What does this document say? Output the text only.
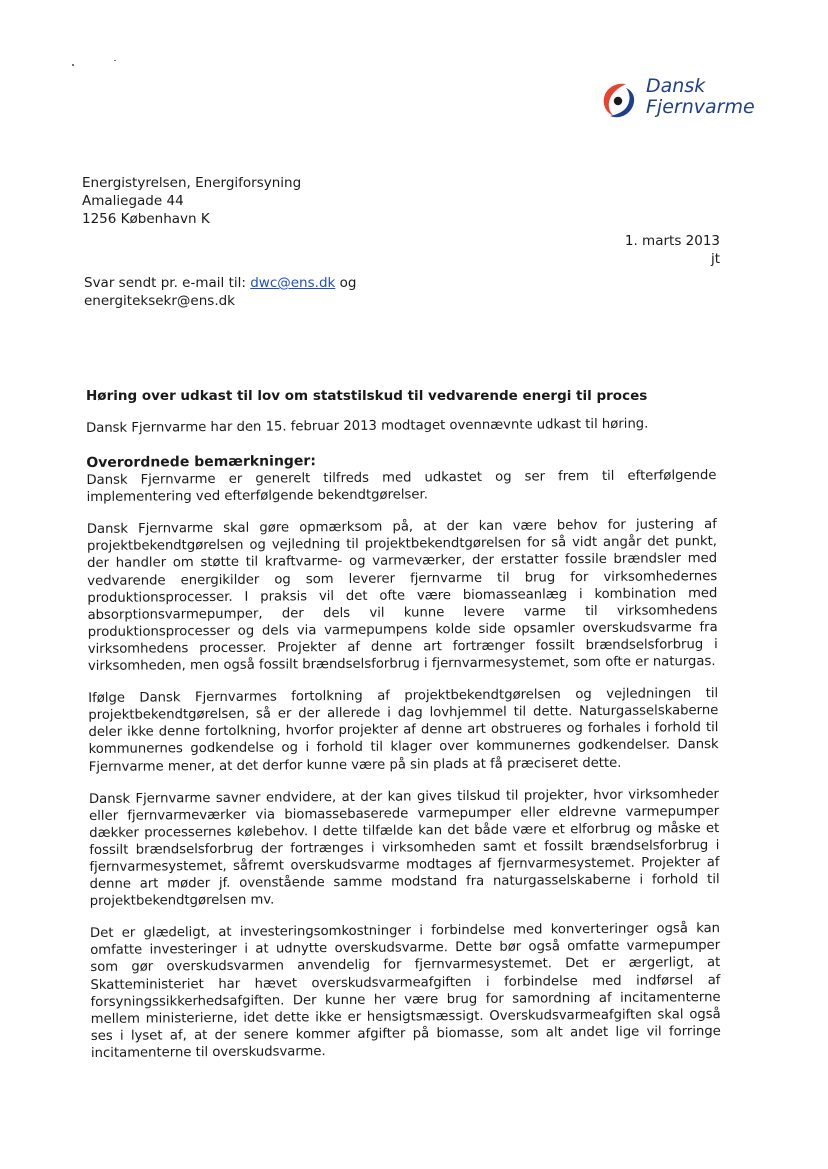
Dansk
Fjernvarme
Energistyrelsen, Energiforsyning
Amaliegade 44
1256 København K
1. marts 2013
jt
Svar sendt pr. e-mail til: dwc@ens.dk og
energiteksekr@ens.dk
Høring over udkast til lov om statstilskud til vedvarende energi til proces

Dansk Fjernvarme har den 15. februar 2013 modtaget ovennævnte udkast til høring.

Overordnede bemærkninger:

Dansk Fjernvarme er generelt tilfreds med udkastet og ser frem til efterfølgende implementering ved efterfølgende bekendtgørelser.

Dansk Fjernvarme skal gøre opmærksom på, at der kan være behov for justering af projektbekendtgørelsen og vejledning til projektbekendtgørelsen for så vidt angår det punkt, der handler om støtte til kraftvarme- og varmeværker, der erstatter fossile brændsler med vedvarende energikilder og som leverer fjernvarme til brug for virksomhedernes produktionsprocesser. I praksis vil det ofte være biomasseanlæg i kombination med absorptionsvarmepumper, der dels vil kunne levere varme til virksomhedens produktionsprocesser og dels via varmepumpens kolde side opsamler overskudsvarme fra virksomhedens processer. Projekter af denne art fortrænger fossilt brændselsforbrug i virksomheden, men også fossilt brændselsforbrug i fjernvarmesystemet, som ofte er naturgas.

Ifølge Dansk Fjernvarmes fortolkning af projektbekendtgørelsen og vejledningen til projektbekendtgørelsen, så er der allerede i dag lovhjemmel til dette. Naturgasselskaberne deler ikke denne fortolkning, hvorfor projekter af denne art obstrueres og forhales i forhold til kommunernes godkendelse og i forhold til klager over kommunernes godkendelser. Dansk Fjernvarme mener, at det derfor kunne være på sin plads at få præciseret dette.

Dansk Fjernvarme savner endvidere, at der kan gives tilskud til projekter, hvor virksomheder eller fjernvarmeværker via biomassebaserede varmepumper eller eldrevne varmepumper dækker processernes kølebehov. I dette tilfælde kan det både være et elforbrug og måske et fossilt brændselsforbrug der fortrænges i virksomheden samt et fossilt brændselsforbrug i fjernvarmesystemet, såfremt overskudsvarme modtages af fjernvarmesystemet. Projekter af denne art møder jf. ovenstående samme modstand fra naturgasselskaberne i forhold til projektbekendtgørelsen mv.

Det er glædeligt, at investeringsomkostninger i forbindelse med konverteringer også kan omfatte investeringer i at udnytte overskudsvarme. Dette bør også omfatte varmepumper som gør overskudsvarmen anvendelig for fjernvarmesystemet. Det er ærgerligt, at Skatteministeriet har hævet overskudsvarmeafgiften i forbindelse med indførsel af forsyningssikkerhedsafgiften. Der kunne her være brug for samordning af incitamenterne mellem ministerierne, idet dette ikke er hensigtsmæssigt. Overskudsvarmeafgiften skal også ses i lyset af, at der senere kommer afgifter på biomasse, som alt andet lige vil forringe incitamenterne til overskudsvarme.
